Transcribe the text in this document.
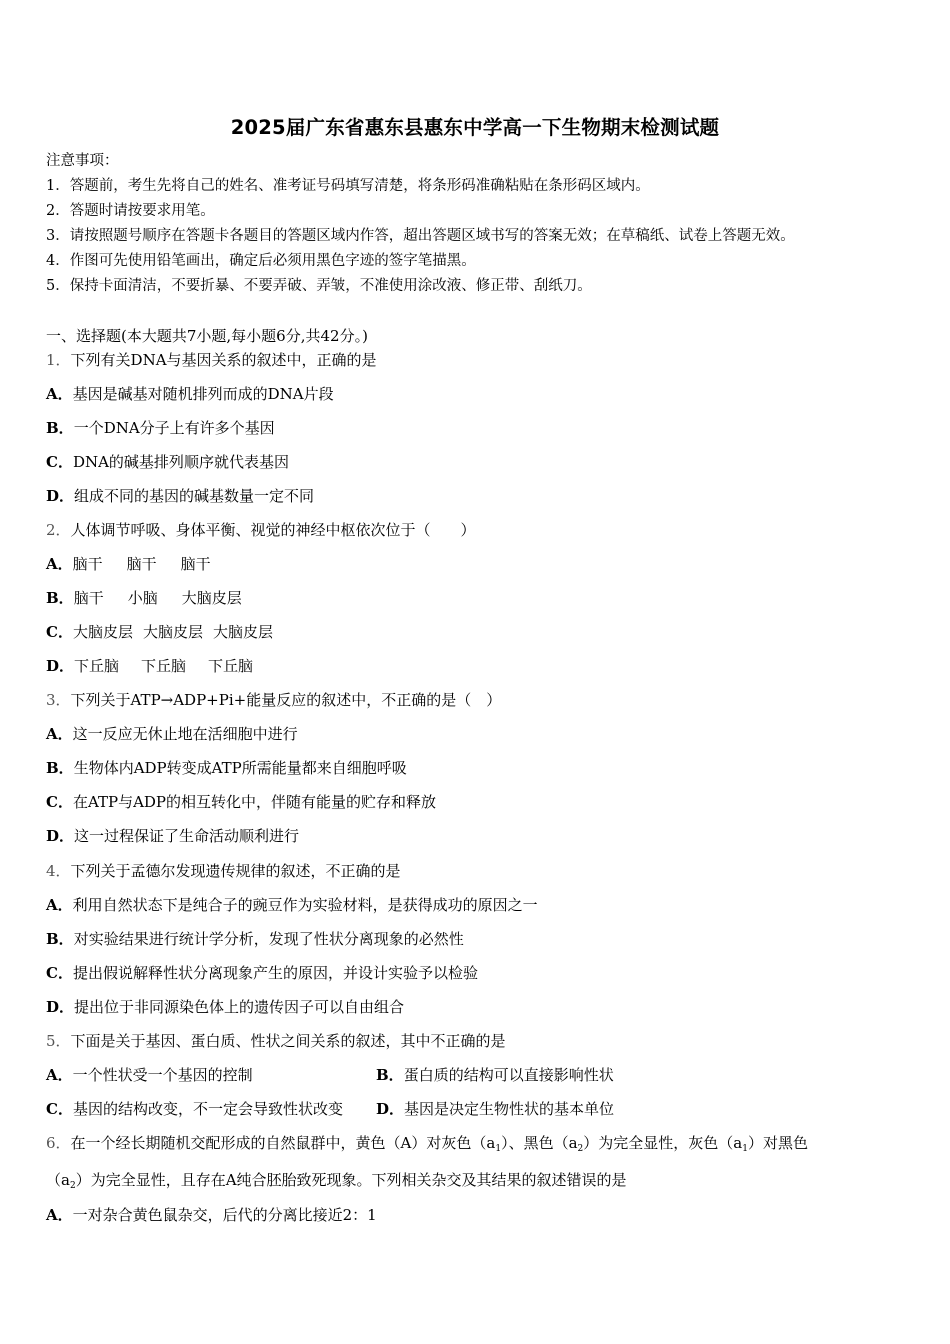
2025届广东省惠东县惠东中学高一下生物期末检测试题
注意事项：
1．答题前，考生先将自己的姓名、准考证号码填写清楚，将条形码准确粘贴在条形码区域内。
2．答题时请按要求用笔。
3．请按照题号顺序在答题卡各题目的答题区域内作答，超出答题区域书写的答案无效；在草稿纸、试卷上答题无效。
4．作图可先使用铅笔画出，确定后必须用黑色字迹的签字笔描黑。
5．保持卡面清洁，不要折暴、不要弄破、弄皱，不准使用涂改液、修正带、刮纸刀。
一、选择题(本大题共7小题,每小题6分,共42分。)
1．下列有关DNA与基因关系的叙述中，正确的是
A．基因是碱基对随机排列而成的DNA片段
B．一个DNA分子上有许多个基因
C．DNA的碱基排列顺序就代表基因
D．组成不同的基因的碱基数量一定不同
2．人体调节呼吸、身体平衡、视觉的神经中枢依次位于（　　）
A．脑干 脑干 脑干
B．脑干 小脑 大脑皮层
C．大脑皮层 大脑皮层 大脑皮层
D．下丘脑 下丘脑 下丘脑
3．下列关于ATP→ADP+Pi+能量反应的叙述中，不正确的是（　）
A．这一反应无休止地在活细胞中进行
B．生物体内ADP转变成ATP所需能量都来自细胞呼吸
C．在ATP与ADP的相互转化中，伴随有能量的贮存和释放
D．这一过程保证了生命活动顺利进行
4．下列关于孟德尔发现遗传规律的叙述，不正确的是
A．利用自然状态下是纯合子的豌豆作为实验材料，是获得成功的原因之一
B．对实验结果进行统计学分析，发现了性状分离现象的必然性
C．提出假说解释性状分离现象产生的原因，并设计实验予以检验
D．提出位于非同源染色体上的遗传因子可以自由组合
5．下面是关于基因、蛋白质、性状之间关系的叙述，其中不正确的是
A．一个性状受一个基因的控制	B．蛋白质的结构可以直接影响性状
C．基因的结构改变，不一定会导致性状改变 D．基因是决定生物性状的基本单位
6．在一个经长期随机交配形成的自然鼠群中，黄色（A）对灰色$(a_1)$、黑色$(a_2)$为完全显性，灰色$(a_1)$对黑色
$(a_2)$为完全显性，且存在A纯合胚胎致死现象。下列相关杂交及其结果的叙述错误的是
A．一对杂合黄色鼠杂交，后代的分离比接近2：1
